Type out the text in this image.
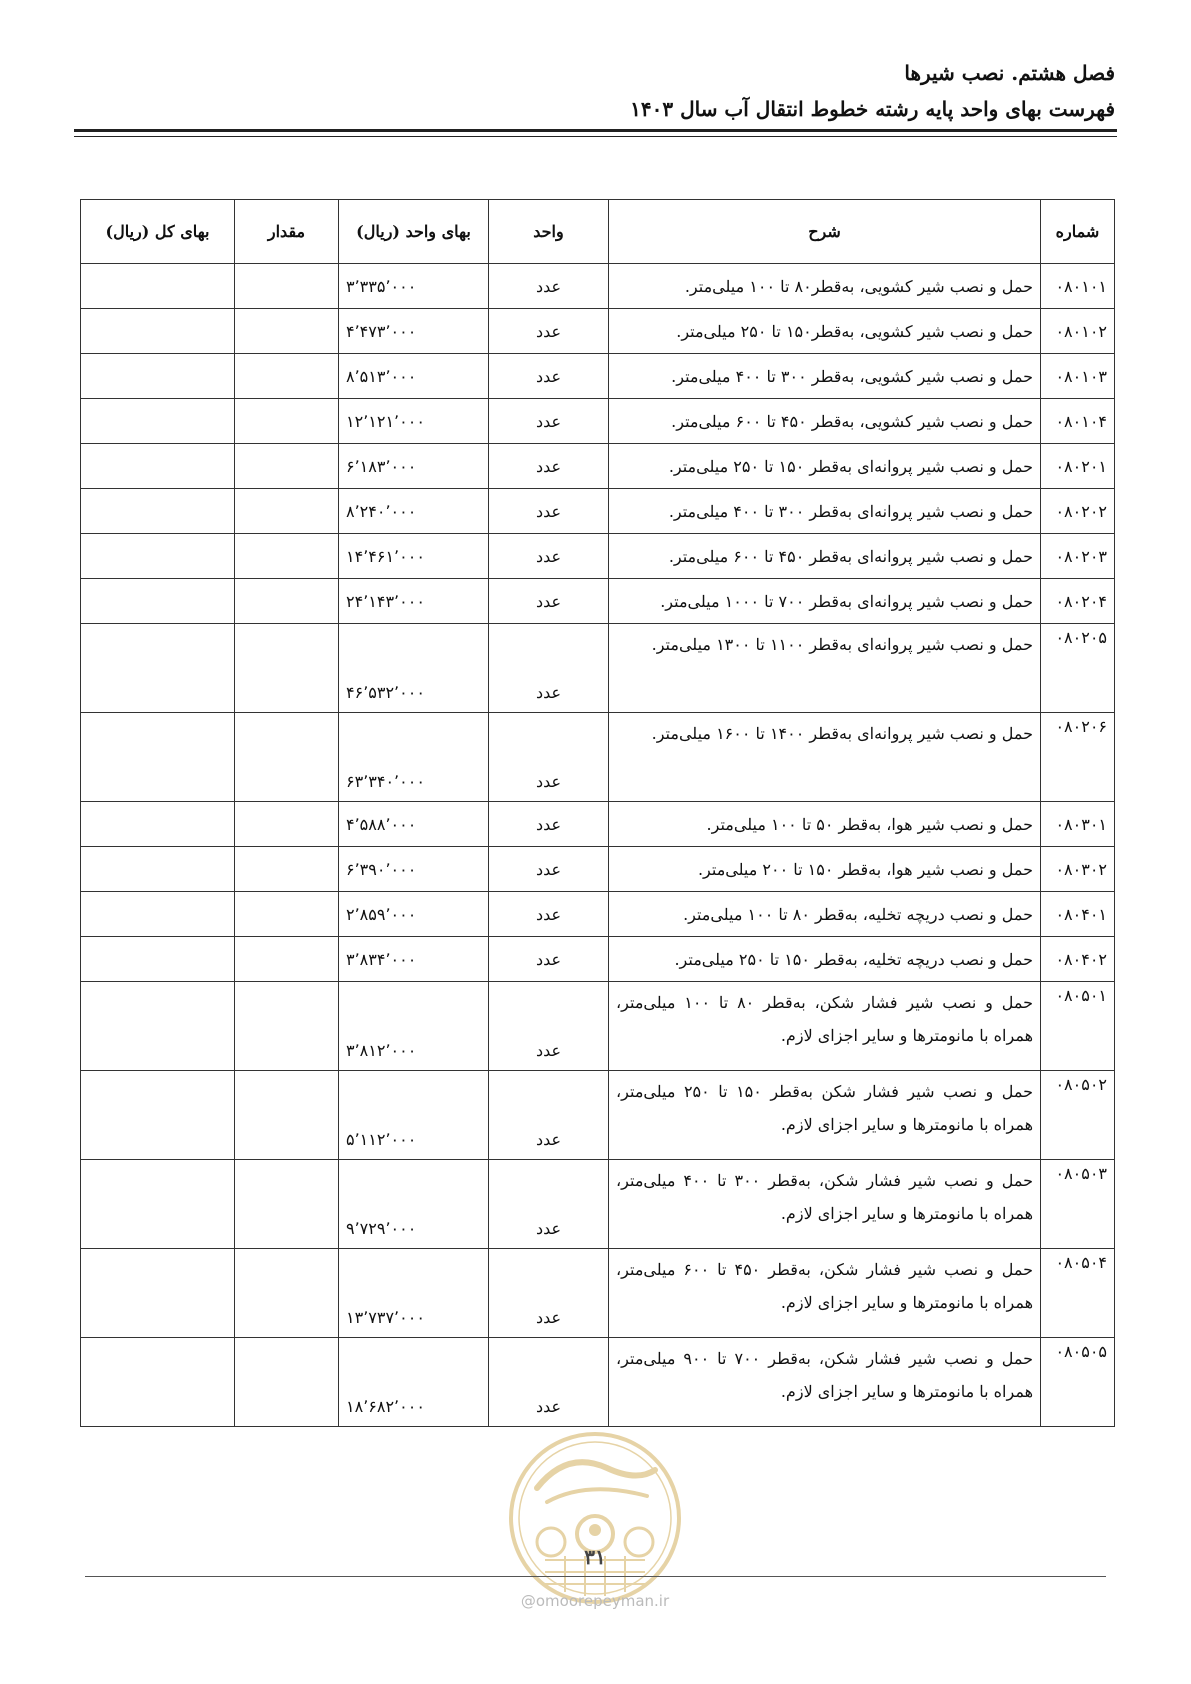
فصل هشتم. نصب شیرها
فهرست بهای واحد پایه رشته خطوط انتقال آب سال ۱۴۰۳
شماره	شرح	واحد	بهای واحد (ریال)	مقدار	بهای کل (ریال)
۰۸۰۱۰۱	حمل و نصب شیر کشویی، به‌قطر۸۰ تا ۱۰۰ میلی‌متر.	عدد	۳٬۳۳۵٬۰۰۰		
۰۸۰۱۰۲	حمل و نصب شیر کشویی، به‌قطر۱۵۰ تا ۲۵۰ میلی‌متر.	عدد	۴٬۴۷۳٬۰۰۰		
۰۸۰۱۰۳	حمل و نصب شیر کشویی، به‌قطر ۳۰۰ تا ۴۰۰ میلی‌متر.	عدد	۸٬۵۱۳٬۰۰۰		
۰۸۰۱۰۴	حمل و نصب شیر کشویی، به‌قطر ۴۵۰ تا ۶۰۰ میلی‌متر.	عدد	۱۲٬۱۲۱٬۰۰۰		
۰۸۰۲۰۱	حمل و نصب شیر پروانه‌ای به‌قطر ۱۵۰ تا ۲۵۰ میلی‌متر.	عدد	۶٬۱۸۳٬۰۰۰		
۰۸۰۲۰۲	حمل و نصب شیر پروانه‌ای به‌قطر ۳۰۰ تا ۴۰۰ میلی‌متر.	عدد	۸٬۲۴۰٬۰۰۰		
۰۸۰۲۰۳	حمل و نصب شیر پروانه‌ای به‌قطر ۴۵۰ تا ۶۰۰ میلی‌متر.	عدد	۱۴٬۴۶۱٬۰۰۰		
۰۸۰۲۰۴	حمل و نصب شیر پروانه‌ای به‌قطر ۷۰۰ تا ۱۰۰۰ میلی‌متر.	عدد	۲۴٬۱۴۳٬۰۰۰		
۰۸۰۲۰۵	حمل و نصب شیر پروانه‌ای به‌قطر ۱۱۰۰ تا ۱۳۰۰ میلی‌متر.	عدد	۴۶٬۵۳۲٬۰۰۰		
۰۸۰۲۰۶	حمل و نصب شیر پروانه‌ای به‌قطر ۱۴۰۰ تا ۱۶۰۰ میلی‌متر.	عدد	۶۳٬۳۴۰٬۰۰۰		
۰۸۰۳۰۱	حمل و نصب شیر هوا، به‌قطر ۵۰ تا ۱۰۰ میلی‌متر.	عدد	۴٬۵۸۸٬۰۰۰		
۰۸۰۳۰۲	حمل و نصب شیر هوا، به‌قطر ۱۵۰ تا ۲۰۰ میلی‌متر.	عدد	۶٬۳۹۰٬۰۰۰		
۰۸۰۴۰۱	حمل و نصب دریچه تخلیه، به‌قطر ۸۰ تا ۱۰۰ میلی‌متر.	عدد	۲٬۸۵۹٬۰۰۰		
۰۸۰۴۰۲	حمل و نصب دریچه تخلیه، به‌قطر ۱۵۰ تا ۲۵۰ میلی‌متر.	عدد	۳٬۸۳۴٬۰۰۰		
۰۸۰۵۰۱	حمل و نصب شیر فشار شکن، به‌قطر ۸۰ تا ۱۰۰ میلی‌متر، همراه با مانومترها و سایر اجزای لازم.	عدد	۳٬۸۱۲٬۰۰۰		
۰۸۰۵۰۲	حمل و نصب شیر فشار شکن به‌قطر ۱۵۰ تا ۲۵۰ میلی‌متر، همراه با مانومترها و سایر اجزای لازم.	عدد	۵٬۱۱۲٬۰۰۰		
۰۸۰۵۰۳	حمل و نصب شیر فشار شکن، به‌قطر ۳۰۰ تا ۴۰۰ میلی‌متر، همراه با مانومترها و سایر اجزای لازم.	عدد	۹٬۷۲۹٬۰۰۰		
۰۸۰۵۰۴	حمل و نصب شیر فشار شکن، به‌قطر ۴۵۰ تا ۶۰۰ میلی‌متر، همراه با مانومترها و سایر اجزای لازم.	عدد	۱۳٬۷۳۷٬۰۰۰		
۰۸۰۵۰۵	حمل و نصب شیر فشار شکن، به‌قطر ۷۰۰ تا ۹۰۰ میلی‌متر، همراه با مانومترها و سایر اجزای لازم.	عدد	۱۸٬۶۸۲٬۰۰۰		
۳۱
@omoorepeyman.ir
